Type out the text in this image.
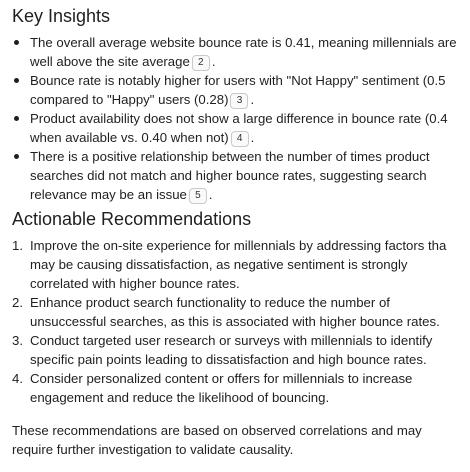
Key Insights
The overall average website bounce rate is 0.41, meaning millennials are
well above the site average 2 .
Bounce rate is notably higher for users with "Not Happy" sentiment (0.5
compared to "Happy" users (0.28) 3 .
Product availability does not show a large difference in bounce rate (0.4
when available vs. 0.40 when not) 4 .
There is a positive relationship between the number of times product
searches did not match and higher bounce rates, suggesting search
relevance may be an issue 5 .
Actionable Recommendations
1. Improve the on-site experience for millennials by addressing factors tha
may be causing dissatisfaction, as negative sentiment is strongly
correlated with higher bounce rates.
2. Enhance product search functionality to reduce the number of
unsuccessful searches, as this is associated with higher bounce rates.
3. Conduct targeted user research or surveys with millennials to identify
specific pain points leading to dissatisfaction and high bounce rates.
4. Consider personalized content or offers for millennials to increase
engagement and reduce the likelihood of bouncing.

These recommendations are based on observed correlations and may
require further investigation to validate causality.
